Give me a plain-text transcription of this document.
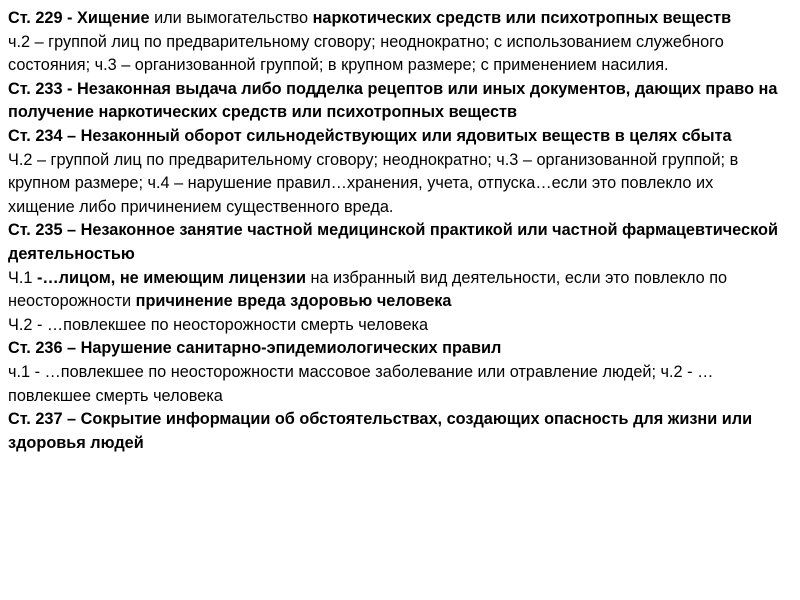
Ст. 229 - Хищение или вымогательство наркотических средств или психотропных веществ

ч.2 – группой лиц по предварительному сговору; неоднократно; с использованием служебного состояния; ч.3 – организованной группой; в крупном размере; с применением насилия.

Ст. 233 - Незаконная выдача либо подделка рецептов или иных документов, дающих право на получение наркотических средств или психотропных веществ

Ст. 234 – Незаконный оборот сильнодействующих или ядовитых веществ в целях сбыта

Ч.2 – группой лиц по предварительному сговору; неоднократно; ч.3 – организованной группой; в крупном размере; ч.4 – нарушение правил…хранения, учета, отпуска…если это повлекло их хищение либо причинением существенного вреда.

Ст. 235 – Незаконное занятие частной медицинской практикой или частной фармацевтической деятельностью

Ч.1 -…лицом, не имеющим лицензии на избранный вид деятельности, если это повлекло по неосторожности причинение вреда здоровью человека

Ч.2 - …повлекшее по неосторожности смерть человека

Ст. 236 – Нарушение санитарно-эпидемиологических правил

ч.1 - …повлекшее по неосторожности массовое заболевание или отравление людей; ч.2 - …повлекшее смерть человека

Ст. 237 – Сокрытие информации об обстоятельствах, создающих опасность для жизни или здоровья людей
